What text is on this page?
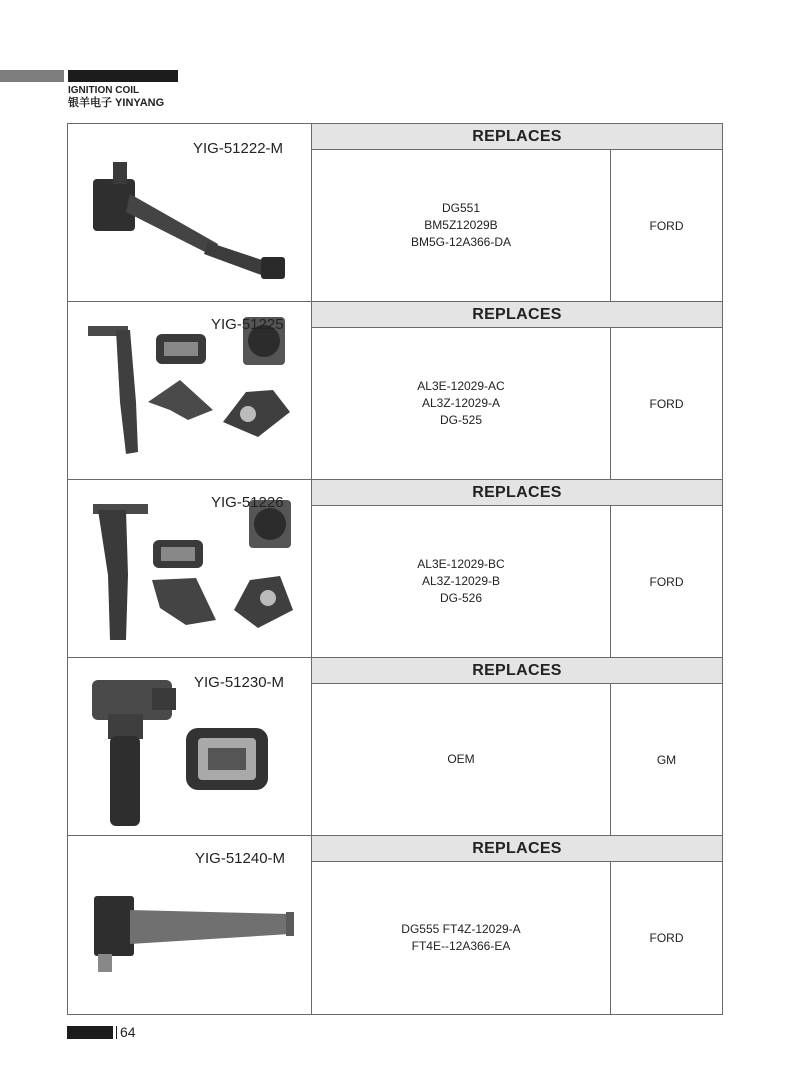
IGNITION COIL
银羊电子 YINYANG
YIG-51222-M
REPLACES
DG551
BM5Z12029B
BM5G-12A366-DA
FORD
YIG-51225
REPLACES
AL3E-12029-AC
AL3Z-12029-A
DG-525
FORD
YIG-51226
REPLACES
AL3E-12029-BC
AL3Z-12029-B
DG-526
FORD
YIG-51230-M
REPLACES
OEM	GM
YIG-51240-M
REPLACES
DG555 FT4Z-12029-A
FT4E--12A366-EA
FORD
64
